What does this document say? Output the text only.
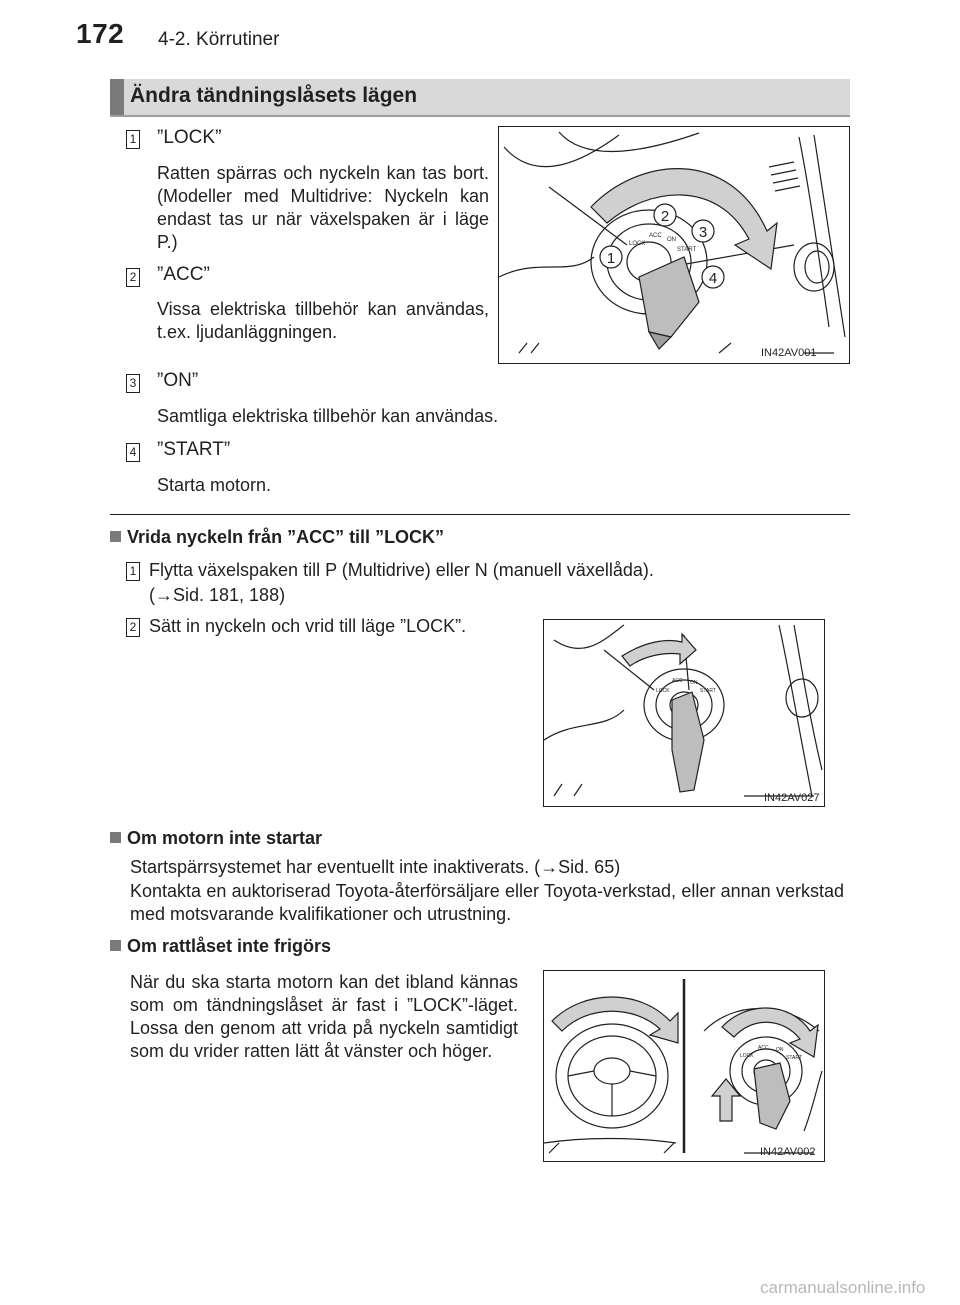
172 4-2. Körrutiner
Ändra tändningslåsets lägen
1 ”LOCK”
Ratten spärras och nyckeln kan tas bort. (Modeller med Multidrive: Nyckeln kan endast tas ur när växelspaken är i läge P.)
2 ”ACC”
Vissa elektriska tillbehör kan användas, t.ex. ljudanläggningen.
3 ”ON”
Samtliga elektriska tillbehör kan användas.
4 ”START”
Starta motorn.
1
2
3
4
LOCK
ACC
ON
START
IN42AV001
Vrida nyckeln från ”ACC” till ”LOCK”
1 Flytta växelspaken till P (Multidrive) eller N (manuell växellåda).
(→Sid. 181, 188)
2 Sätt in nyckeln och vrid till läge ”LOCK”.
LOCK
ACC ON
START
IN42AV027
Om motorn inte startar
Startspärrsystemet har eventuellt inte inaktiverats. (→Sid. 65)
Kontakta en auktoriserad Toyota-återförsäljare eller Toyota-verkstad, eller annan verkstad med motsvarande kvalifikationer och utrustning.
Om rattlåset inte frigörs
När du ska starta motorn kan det ibland kännas som om tändningslåset är fast i ”LOCK”-läget. Lossa den genom att vrida på nyckeln samtidigt som du vrider ratten lätt åt vänster och höger.	LOCK
ACC ON
START
IN42AV002
carmanualsonline.info
